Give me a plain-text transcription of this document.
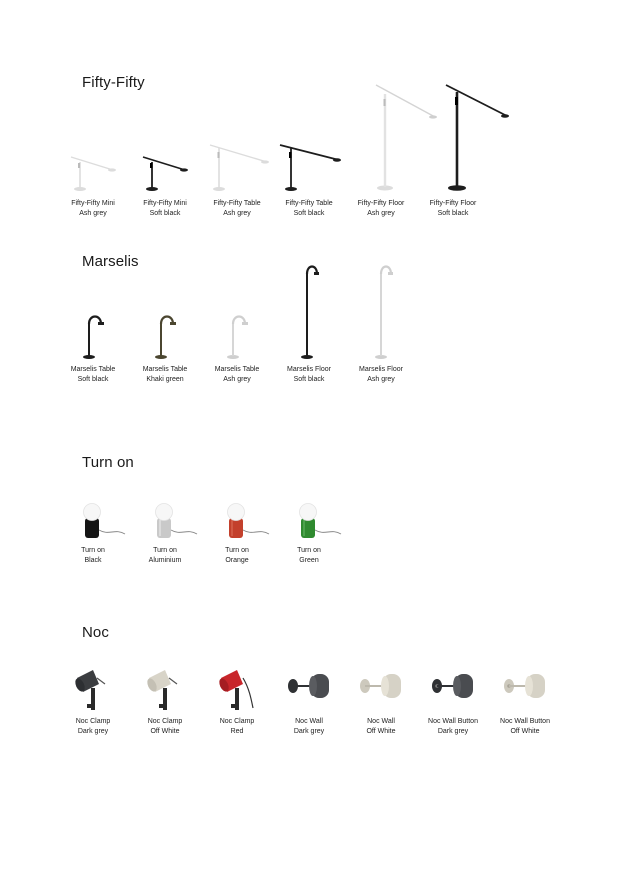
Fifty-Fifty
Fifty-Fifty Mini
Ash grey
Fifty-Fifty Mini
Soft black
Fifty-Fifty Table
Ash grey
Fifty-Fifty Table
Soft black
Fifty-Fifty Floor
Ash grey
Fifty-Fifty Floor
Soft black
Marselis
Marselis Table
Soft black
Marselis Table
Khaki green
Marselis Table
Ash grey
Marselis Floor
Soft black
Marselis Floor
Ash grey
Turn on
Turn on
Black
Turn on
Aluminium
Turn on
Orange
Turn on
Green
Noc
Noc Clamp
Dark grey
Noc Clamp
Off White
Noc Clamp
Red
Noc Wall
Dark grey
Noc Wall
Off White
Noc Wall Button
Dark grey
Noc Wall Button
Off White
